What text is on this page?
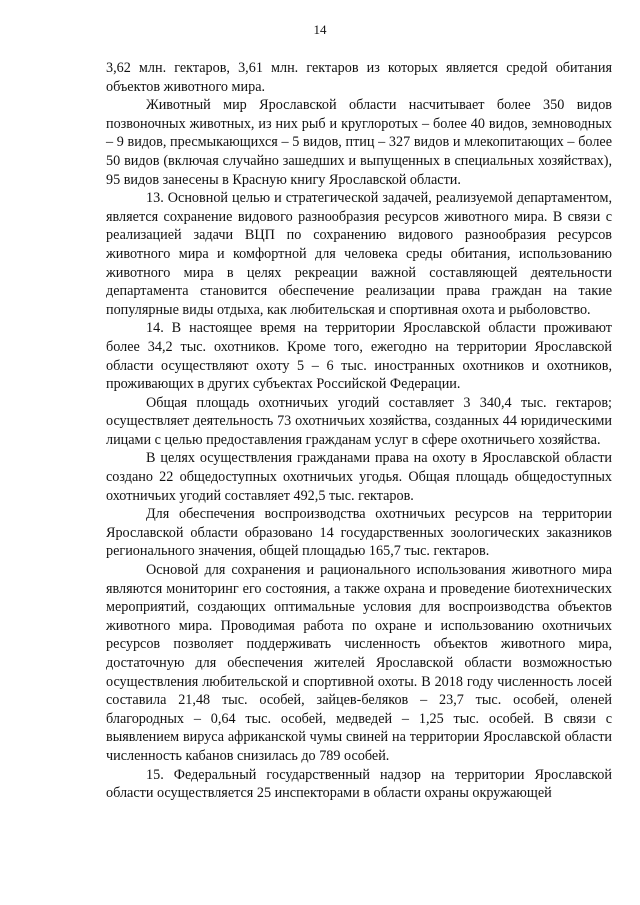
14

3,62 млн. гектаров, 3,61 млн. гектаров из которых является средой обитания объектов животного мира.

Животный мир Ярославской области насчитывает более 350 видов позвоночных животных, из них рыб и круглоротых – более 40 видов, земноводных – 9 видов, пресмыкающихся – 5 видов, птиц – 327 видов и млекопитающих – более 50 видов (включая случайно зашедших и выпущенных в специальных хозяйствах), 95 видов занесены в Красную книгу Ярославской области.

13. Основной целью и стратегической задачей, реализуемой департаментом, является сохранение видового разнообразия ресурсов животного мира. В связи с реализацией задачи ВЦП по сохранению видового разнообразия ресурсов животного мира и комфортной для человека среды обитания, использованию животного мира в целях рекреации важной составляющей деятельности департамента становится обеспечение реализации права граждан на такие популярные виды отдыха, как любительская и спортивная охота и рыболовство.

14. В настоящее время на территории Ярославской области проживают более 34,2 тыс. охотников. Кроме того, ежегодно на территории Ярославской области осуществляют охоту 5 – 6 тыс. иностранных охотников и охотников, проживающих в других субъектах Российской Федерации.

Общая площадь охотничьих угодий составляет 3 340,4 тыс. гектаров; осуществляет деятельность 73 охотничьих хозяйства, созданных 44 юридическими лицами с целью предоставления гражданам услуг в сфере охотничьего хозяйства.

В целях осуществления гражданами права на охоту в Ярославской области создано 22 общедоступных охотничьих угодья. Общая площадь общедоступных охотничьих угодий составляет 492,5 тыс. гектаров.

Для обеспечения воспроизводства охотничьих ресурсов на территории Ярославской области образовано 14 государственных зоологических заказников регионального значения, общей площадью 165,7 тыс. гектаров.

Основой для сохранения и рационального использования животного мира являются мониторинг его состояния, а также охрана и проведение биотехнических мероприятий, создающих оптимальные условия для воспроизводства объектов животного мира. Проводимая работа по охране и использованию охотничьих ресурсов позволяет поддерживать численность объектов животного мира, достаточную для обеспечения жителей Ярославской области возможностью осуществления любительской и спортивной охоты. В 2018 году численность лосей составила 21,48 тыс. особей, зайцев-беляков – 23,7 тыс. особей, оленей благородных – 0,64 тыс. особей, медведей – 1,25 тыс. особей. В связи с выявлением вируса африканской чумы свиней на территории Ярославской области численность кабанов снизилась до 789 особей.

15. Федеральный государственный надзор на территории Ярославской области осуществляется 25 инспекторами в области охраны окружающей
